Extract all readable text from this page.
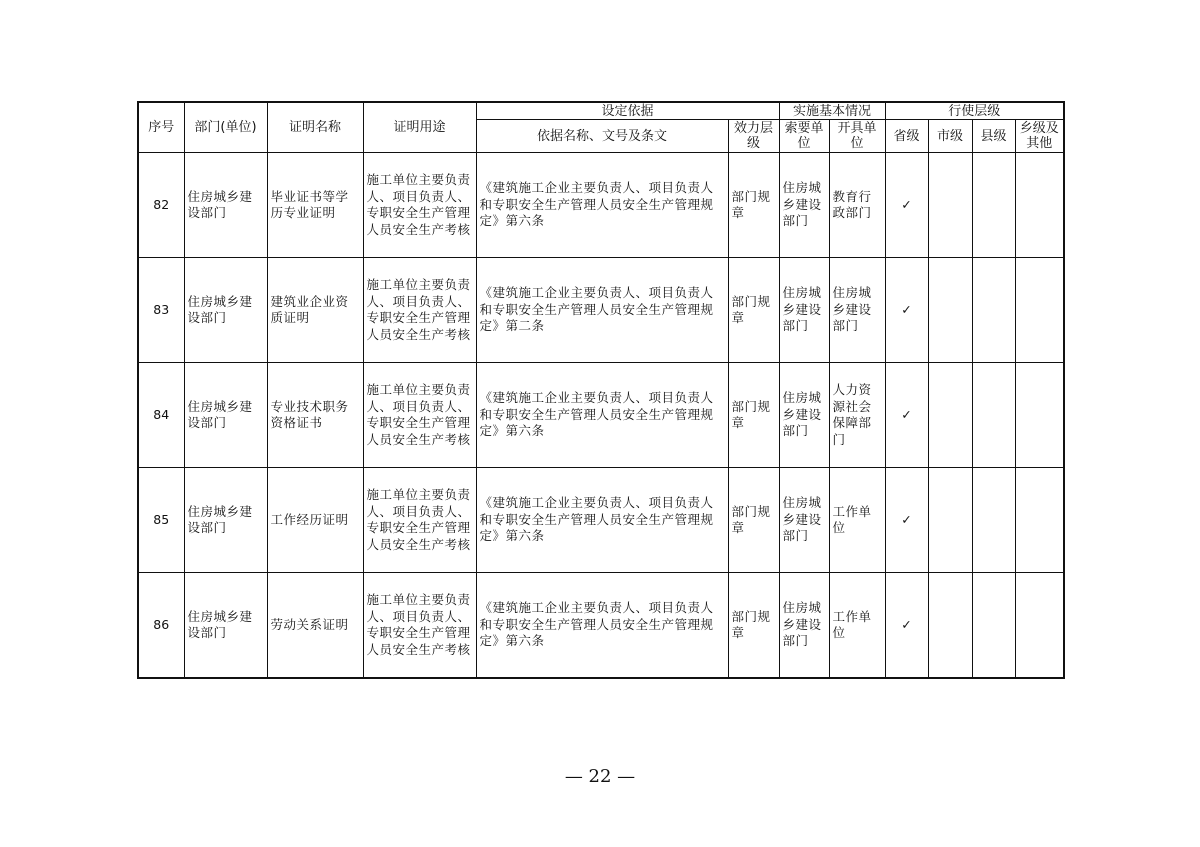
序号	部门(单位)	证明名称	证明用途	设定依据		实施基本情况		行使层级			
				依据名称、文号及条文	效力层级	索要单位	开具单位	省级	市级	县级	乡级及其他
82	住房城乡建设部门	毕业证书等学历专业证明	施工单位主要负责人、项目负责人、专职安全生产管理人员安全生产考核	《建筑施工企业主要负责人、项目负责人和专职安全生产管理人员安全生产管理规定》第六条	部门规章	住房城乡建设部门	教育行政部门	✓			
83	住房城乡建设部门	建筑业企业资质证明	施工单位主要负责人、项目负责人、专职安全生产管理人员安全生产考核	《建筑施工企业主要负责人、项目负责人和专职安全生产管理人员安全生产管理规定》第二条	部门规章	住房城乡建设部门	住房城乡建设部门	✓			
84	住房城乡建设部门	专业技术职务资格证书	施工单位主要负责人、项目负责人、专职安全生产管理人员安全生产考核	《建筑施工企业主要负责人、项目负责人和专职安全生产管理人员安全生产管理规定》第六条	部门规章	住房城乡建设部门	人力资源社会保障部门	✓			
85	住房城乡建设部门	工作经历证明	施工单位主要负责人、项目负责人、专职安全生产管理人员安全生产考核	《建筑施工企业主要负责人、项目负责人和专职安全生产管理人员安全生产管理规定》第六条	部门规章	住房城乡建设部门	工作单位	✓			
86	住房城乡建设部门	劳动关系证明	施工单位主要负责人、项目负责人、专职安全生产管理人员安全生产考核	《建筑施工企业主要负责人、项目负责人和专职安全生产管理人员安全生产管理规定》第六条	部门规章	住房城乡建设部门	工作单位	✓			
— 22 —
